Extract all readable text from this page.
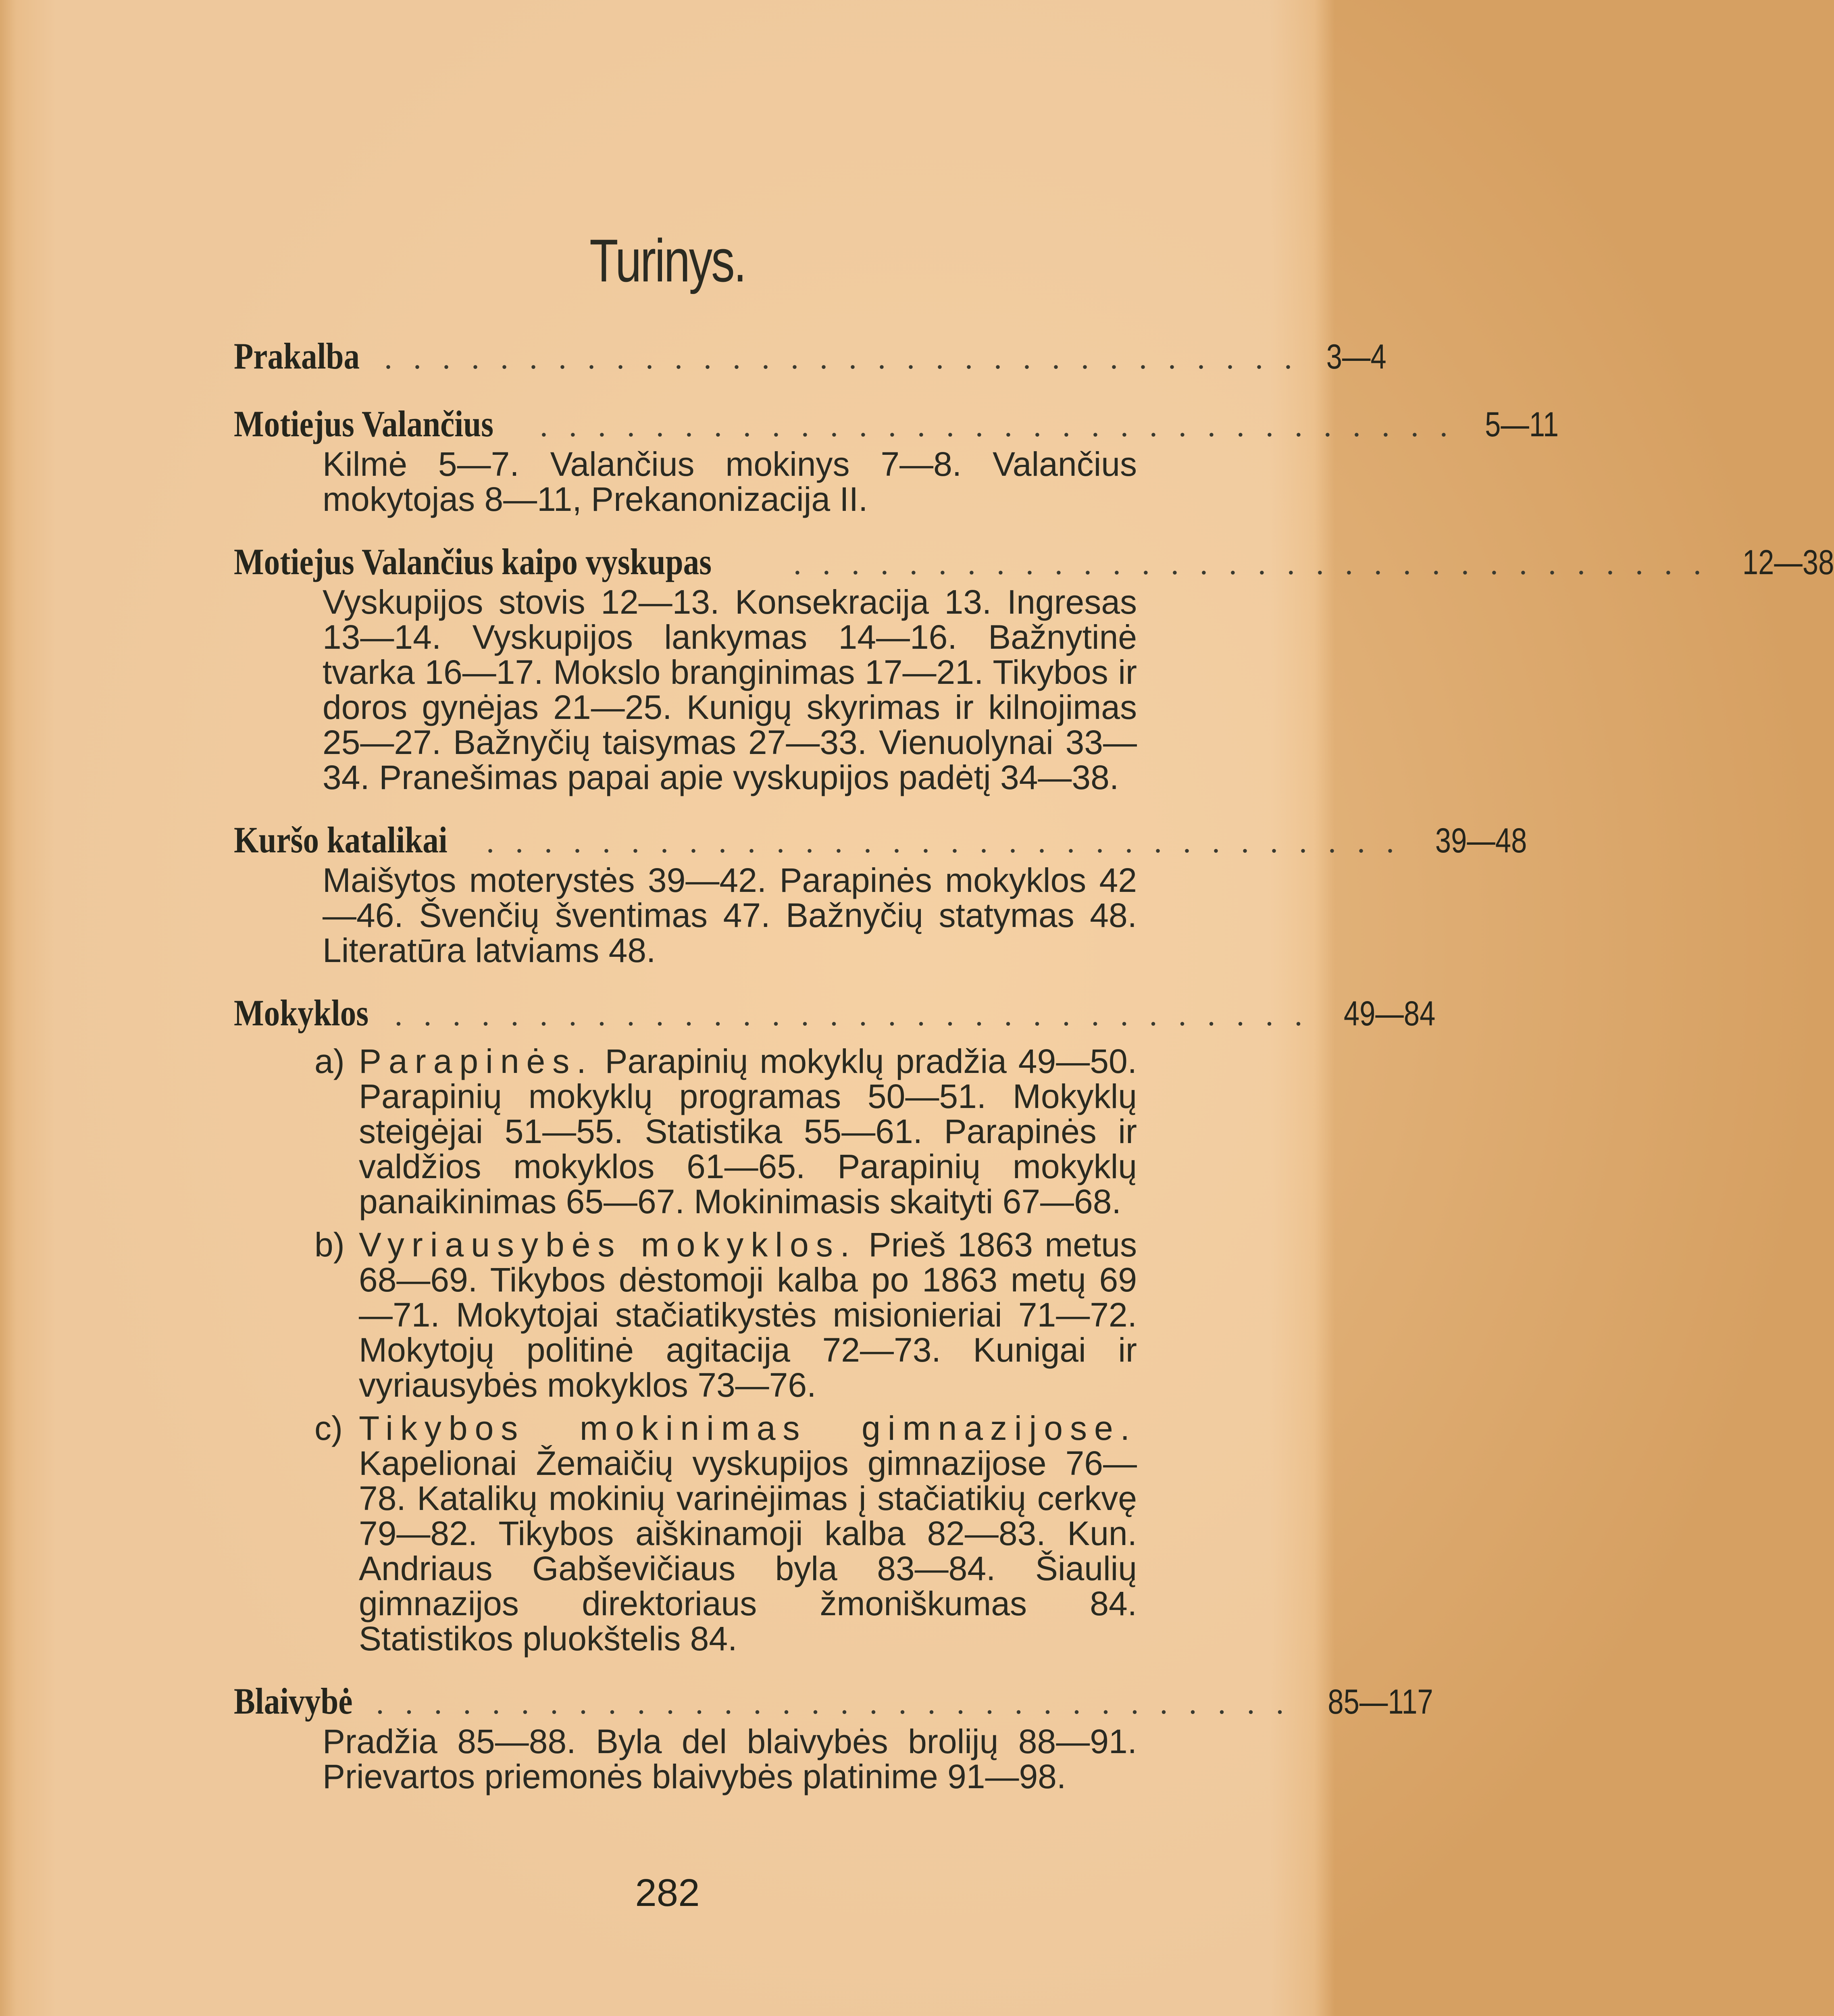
Turinys.
Prakalba ................................ 3—4
Motiejus Valančius ................................ 5—11

Kilmė 5—7. Valančius mokinys 7—8. Valančius mokytojas 8—11, Prekanonizacija II.

Motiejus Valančius kaipo vyskupas	................................ 12—38

Vyskupijos stovis 12—13. Konsekracija 13. Ingresas 13—14. Vyskupijos lankymas 14—16. Bažnytinė tvarka 16—17. Mokslo branginimas 17—21. Tikybos ir doros gynėjas 21—25. Kunigų skyrimas ir kilnojimas 25—27. Bažnyčių taisymas 27—33. Vienuolynai 33—34. Pranešimas papai apie vyskupijos padėtį 34—38.

Kuršo katalikai ................................ 39—48

Maišytos moterystės 39—42. Parapinės mokyklos 42—46. Švenčių šventimas 47. Bažnyčių statymas 48. Literatūra latviams 48.

Mokyklos ................................ 49—84
a) Parapinės. Parapinių mokyklų pradžia 49—50. Parapinių mokyklų programas 50—51. Mokyklų steigėjai 51—55. Statistika 55—61. Parapinės ir valdžios mokyklos 61—65. Parapinių mokyklų panaikinimas 65—67. Mokinimasis skaityti 67—68.
b) Vyriausybės mokyklos. Prieš 1863 metus 68—69. Tikybos dėstomoji kalba po 1863 metų 69—71. Mokytojai stačiatikystės misionieriai 71—72. Mokytojų politinė agitacija 72—73. Kunigai ir vyriausybės mokyklos 73—76.
c) Tikybos mokinimas gimnazijose. Kapelionai Žemaičių vyskupijos gimnazijose 76—78. Katalikų mokinių varinėjimas į stačiatikių cerkvę 79—82. Tikybos aiškinamoji kalba 82—83. Kun. Andriaus Gabševičiaus byla 83—84. Šiaulių gimnazijos direktoriaus žmoniškumas 84. Statistikos pluokštelis 84.
Blaivybė ................................ 85—117

Pradžia 85—88. Byla del blaivybės brolijų 88—91. Prievartos priemonės blaivybės platinime 91—98.

282
